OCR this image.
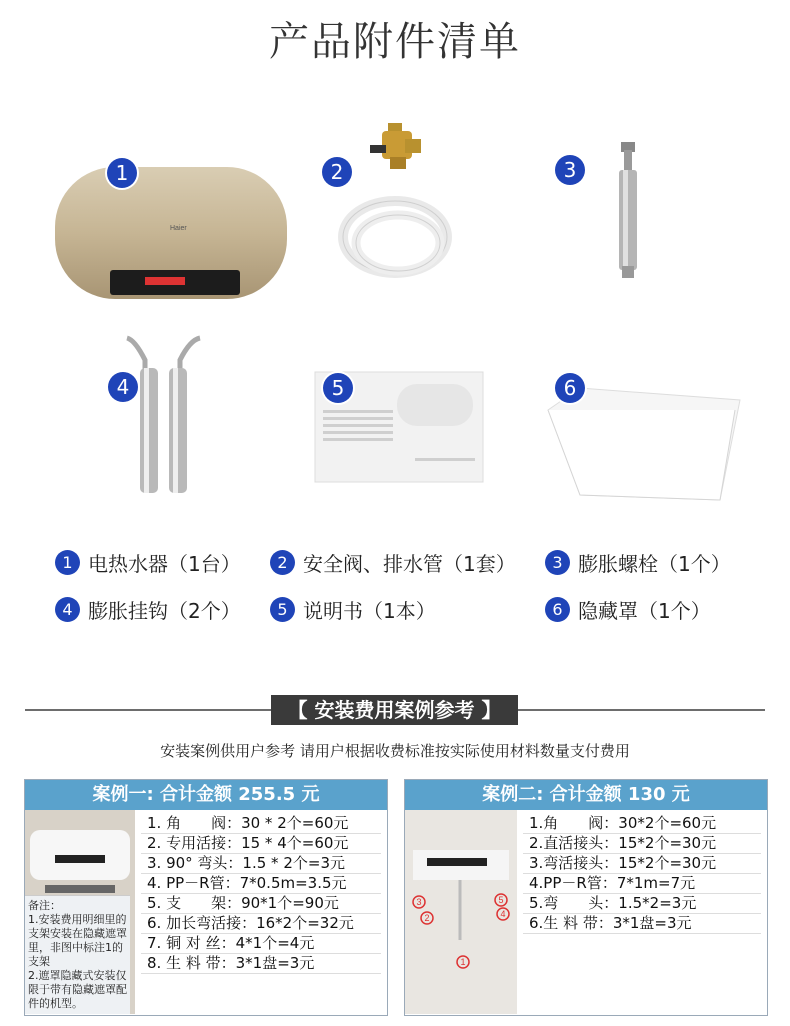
产品附件清单
Haier
1	2	3
4	5	6
1 电热水器（1台）	2 安全阀、排水管（1套）	3 膨胀螺栓（1个）
4 膨胀挂钩（2个）	5 说明书（1本）	6 隐藏罩（1个）
【 安装费用案例参考 】
安装案例供用户参考 请用户根据收费标准按实际使用材料数量支付费用
案例一: 合计金额 255.5 元
备注：
1.安装费用明细里的支架安装在隐藏遮罩里，非图中标注1的支架
2.遮罩隐藏式安装仅限于带有隐藏遮罩配件的机型。
1. 角　　阀：30 * 2个=60元
2. 专用活接：15 * 4个=60元
3. 90° 弯头：1.5 * 2个=3元
4. PP－R管：7*0.5m=3.5元
5. 支　　架：90*1个=90元
6. 加长弯活接：16*2个=32元
7. 铜 对 丝：4*1个=4元
8. 生 料 带：3*1盘=3元
案例二: 合计金额 130 元
3
2
5
4
1
1.角　　阀：30*2个=60元
2.直活接头：15*2个=30元
3.弯活接头：15*2个=30元
4.PP－R管：7*1m=7元
5.弯　　头：1.5*2=3元
6.生 料 带：3*1盘=3元
